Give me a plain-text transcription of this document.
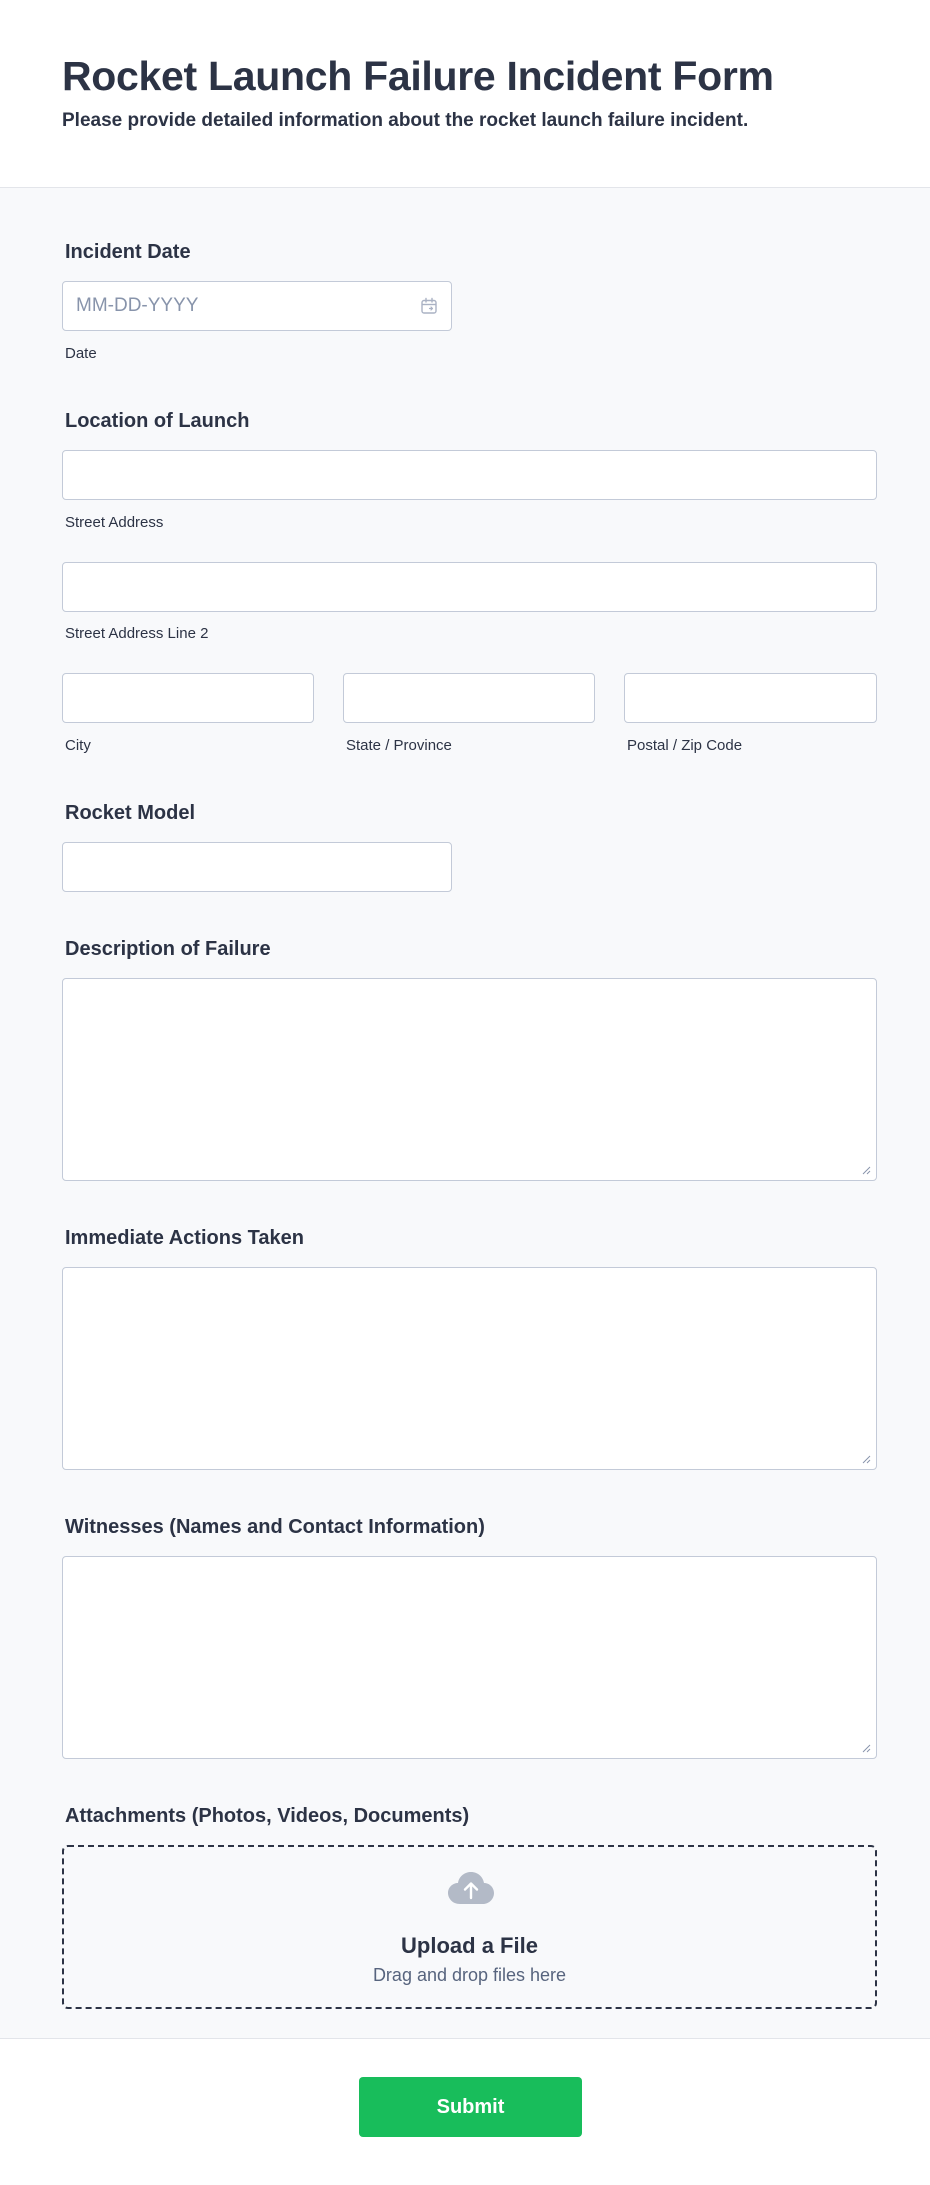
Rocket Launch Failure Incident Form

Please provide detailed information about the rocket launch failure incident.

Incident Date
MM-DD-YYYY
Date
Location of Launch
Street Address
Street Address Line 2
City	State / Province	Postal / Zip Code
Rocket Model
Description of Failure
Immediate Actions Taken
Witnesses (Names and Contact Information)
Attachments (Photos, Videos, Documents)
Upload a File
Drag and drop files here
Submit
